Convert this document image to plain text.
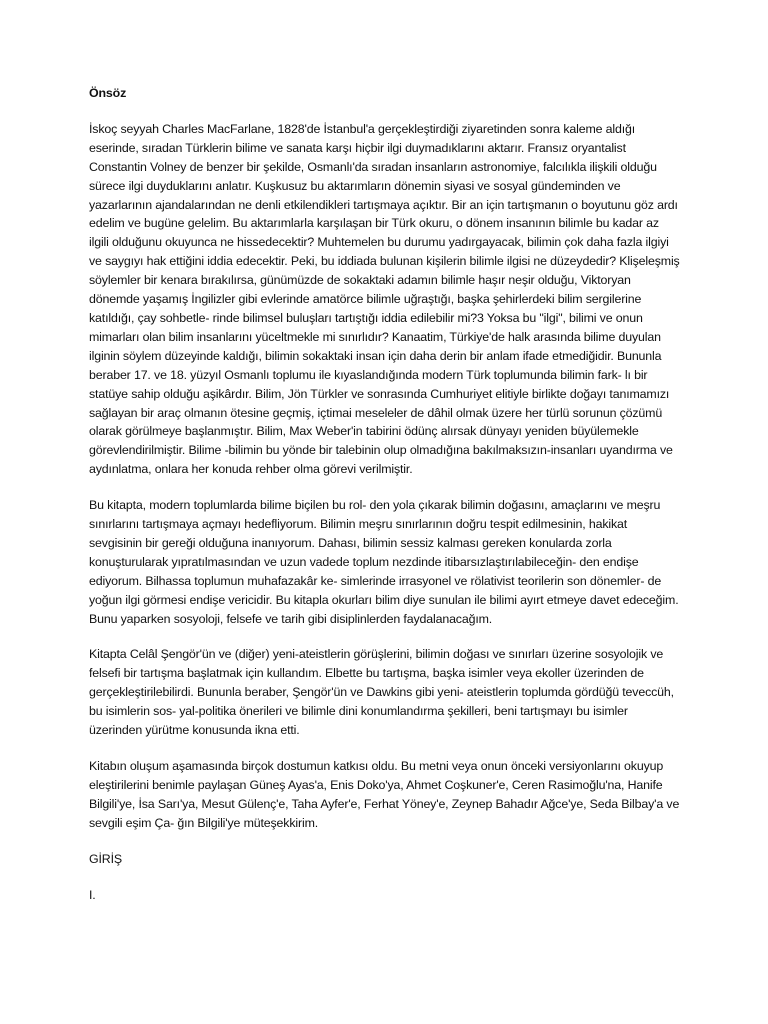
Önsöz

İskoç seyyah Charles MacFarlane, 1828'de İstanbul'a gerçekleştirdiği ziyaretinden sonra kaleme aldığı eserinde, sıradan Türklerin bilime ve sanata karşı hiçbir ilgi duymadıklarını aktarır. Fransız oryantalist Constantin Volney de benzer bir şekilde, Osmanlı'da sıradan insanların astronomiye, falcılıkla ilişkili olduğu sürece ilgi duyduklarını anlatır. Kuşkusuz bu aktarımların dönemin siyasi ve sosyal gündeminden ve yazarlarının ajandalarından ne denli etkilendikleri tartışmaya açıktır. Bir an için tartışmanın o boyutunu göz ardı edelim ve bugüne gelelim. Bu aktarımlarla karşılaşan bir Türk okuru, o dönem insanının bilimle bu kadar az ilgili olduğunu okuyunca ne hissedecektir? Muhtemelen bu durumu yadırgayacak, bilimin çok daha fazla ilgiyi ve saygıyı hak ettiğini iddia edecektir. Peki, bu iddiada bulunan kişilerin bilimle ilgisi ne düzeydedir? Klişeleşmiş söylemler bir kenara bırakılırsa, günümüzde de sokaktaki adamın bilimle haşır neşir olduğu, Viktoryan dönemde yaşamış İngilizler gibi evlerinde amatörce bilimle uğraştığı, başka şehirlerdeki bilim sergilerine katıldığı, çay sohbetle- rinde bilimsel buluşları tartıştığı iddia edilebilir mi?3 Yoksa bu "ilgi", bilimi ve onun mimarları olan bilim insanlarını yüceltmekle mi sınırlıdır? Kanaatim, Türkiye'de halk arasında bilime duyulan ilginin söylem düzeyinde kaldığı, bilimin sokaktaki insan için daha derin bir anlam ifade etmediğidir. Bununla beraber 17. ve 18. yüzyıl Osmanlı toplumu ile kıyaslandığında modern Türk toplumunda bilimin fark- lı bir statüye sahip olduğu aşikârdır. Bilim, Jön Türkler ve sonrasında Cumhuriyet elitiyle birlikte doğayı tanımamızı sağlayan bir araç olmanın ötesine geçmiş, içtimai meseleler de dâhil olmak üzere her türlü sorunun çözümü olarak görülmeye başlanmıştır. Bilim, Max Weber'in tabirini ödünç alırsak dünyayı yeniden büyülemekle görevlendirilmiştir. Bilime -bilimin bu yönde bir talebinin olup olmadığına bakılmaksızın-insanları uyandırma ve aydınlatma, onlara her konuda rehber olma görevi verilmiştir.

Bu kitapta, modern toplumlarda bilime biçilen bu rol- den yola çıkarak bilimin doğasını, amaçlarını ve meşru sınırlarını tartışmaya açmayı hedefliyorum. Bilimin meşru sınırlarının doğru tespit edilmesinin, hakikat sevgisinin bir gereği olduğuna inanıyorum. Dahası, bilimin sessiz kalması gereken konularda zorla konuşturularak yıpratılmasından ve uzun vadede toplum nezdinde itibarsızlaştırılabileceğin- den endişe ediyorum. Bilhassa toplumun muhafazakâr ke- simlerinde irrasyonel ve rölativist teorilerin son dönemler- de yoğun ilgi görmesi endişe vericidir. Bu kitapla okurları bilim diye sunulan ile bilimi ayırt etmeye davet edeceğim. Bunu yaparken sosyoloji, felsefe ve tarih gibi disiplinlerden faydalanacağım.

Kitapta Celâl Şengör'ün ve (diğer) yeni-ateistlerin görüşlerini, bilimin doğası ve sınırları üzerine sosyolojik ve felsefi bir tartışma başlatmak için kullandım. Elbette bu tartışma, başka isimler veya ekoller üzerinden de gerçekleştirilebilirdi. Bununla beraber, Şengör'ün ve Dawkins gibi yeni- ateistlerin toplumda gördüğü teveccüh, bu isimlerin sos- yal-politika önerileri ve bilimle dini konumlandırma şekilleri, beni tartışmayı bu isimler üzerinden yürütme konusunda ikna etti.

Kitabın oluşum aşamasında birçok dostumun katkısı oldu. Bu metni veya onun önceki versiyonlarını okuyup eleştirilerini benimle paylaşan Güneş Ayas'a, Enis Doko'ya, Ahmet Coşkuner'e, Ceren Rasimoğlu'na, Hanife Bilgili'ye, İsa Sarı'ya, Mesut Gülenç'e, Taha Ayfer'e, Ferhat Yöney'e, Zeynep Bahadır Ağce'ye, Seda Bilbay'a ve sevgili eşim Ça- ğın Bilgili'ye müteşekkirim.

GİRİŞ
I.
